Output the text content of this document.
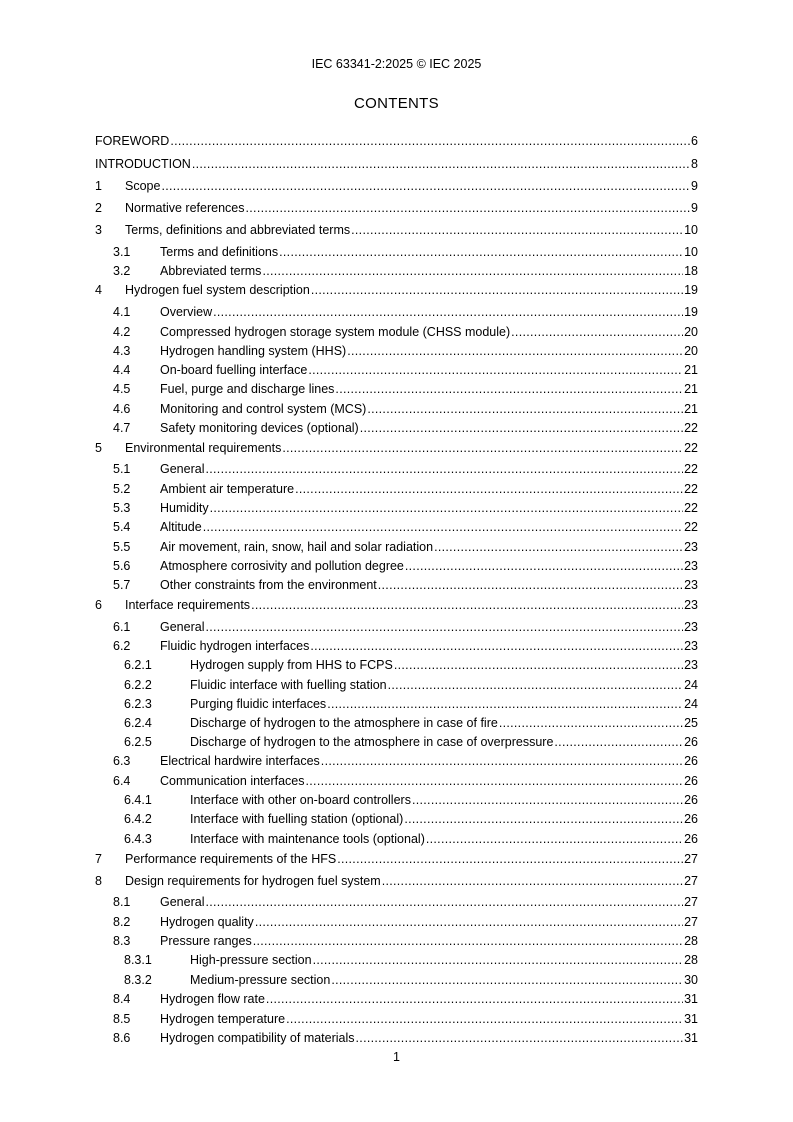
IEC 63341-2:2025 © IEC 2025
CONTENTS
FOREWORD .....	6
INTRODUCTION .....	8
1	Scope .....	9
2	Normative references .....	9
3	Terms, definitions and abbreviated terms .....	10
3.1	Terms and definitions .....	10
3.2	Abbreviated terms .....	18
4	Hydrogen fuel system description .....	19
4.1	Overview .....	19
4.2	Compressed hydrogen storage system module (CHSS module) .....	20
4.3	Hydrogen handling system (HHS) .....	20
4.4	On-board fuelling interface .....	21
4.5	Fuel, purge and discharge lines .....	21
4.6	Monitoring and control system (MCS) .....	21
4.7	Safety monitoring devices (optional) .....	22
5	Environmental requirements .....	22
5.1	General .....	22
5.2	Ambient air temperature .....	22
5.3	Humidity .....	22
5.4	Altitude .....	22
5.5	Air movement, rain, snow, hail and solar radiation .....	23
5.6	Atmosphere corrosivity and pollution degree .....	23
5.7	Other constraints from the environment .....	23
6	Interface requirements .....	23
6.1	General .....	23
6.2	Fluidic hydrogen interfaces .....	23
6.2.1	Hydrogen supply from HHS to FCPS .....	23
6.2.2	Fluidic interface with fuelling station .....	24
6.2.3	Purging fluidic interfaces .....	24
6.2.4	Discharge of hydrogen to the atmosphere in case of fire .....	25
6.2.5	Discharge of hydrogen to the atmosphere in case of overpressure .....	26
6.3	Electrical hardwire interfaces .....	26
6.4	Communication interfaces .....	26
6.4.1	Interface with other on-board controllers .....	26
6.4.2	Interface with fuelling station (optional) .....	26
6.4.3	Interface with maintenance tools (optional) .....	26
7	Performance requirements of the HFS .....	27
8	Design requirements for hydrogen fuel system .....	27
8.1	General .....	27
8.2	Hydrogen quality .....	27
8.3	Pressure ranges .....	28
8.3.1	High-pressure section .....	28
8.3.2	Medium-pressure section .....	30
8.4	Hydrogen flow rate .....	31
8.5	Hydrogen temperature .....	31
8.6	Hydrogen compatibility of materials .....	31
1
